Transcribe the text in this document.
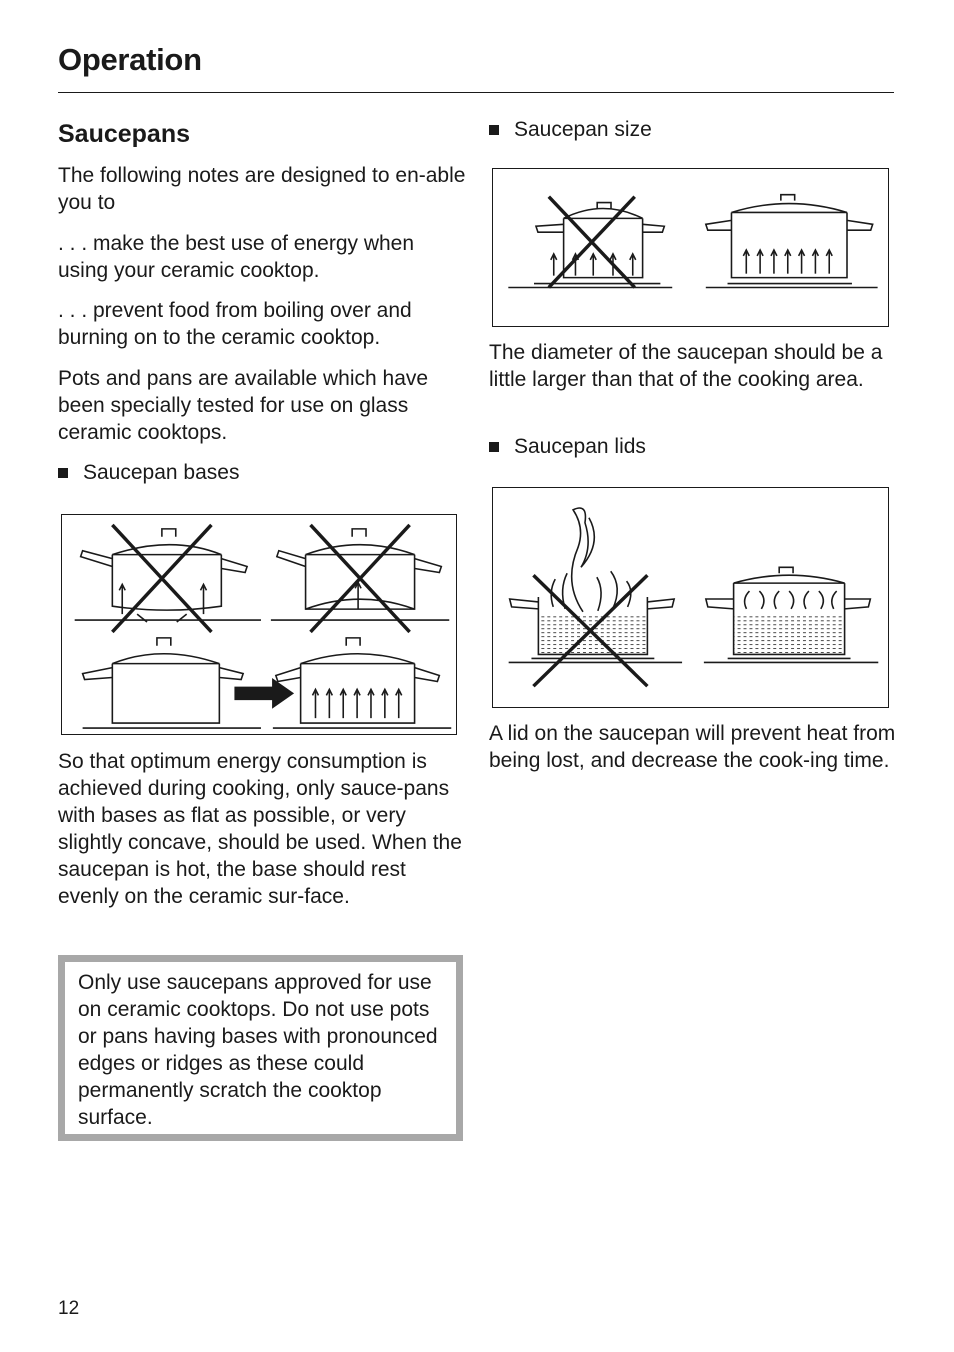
Operation
Saucepans
The following notes are designed to en-able you to
. . . make the best use of energy when using your ceramic cooktop.
. . . prevent food from boiling over and burning on to the ceramic cooktop.
Pots and pans are available which have been specially tested for use on glass ceramic cooktops.
Saucepan bases
So that optimum energy consumption is achieved during cooking, only sauce-pans with bases as flat as possible, or very slightly concave, should be used. When the saucepan is hot, the base should rest evenly on the ceramic sur-face.
Only use saucepans approved for use on ceramic cooktops. Do not use pots or pans having bases with pronounced edges or ridges as these could permanently scratch the cooktop surface.
Saucepan size
The diameter of the saucepan should be a little larger than that of the cooking area.
Saucepan lids
A lid on the saucepan will prevent heat from being lost, and decrease the cook-ing time.
12
